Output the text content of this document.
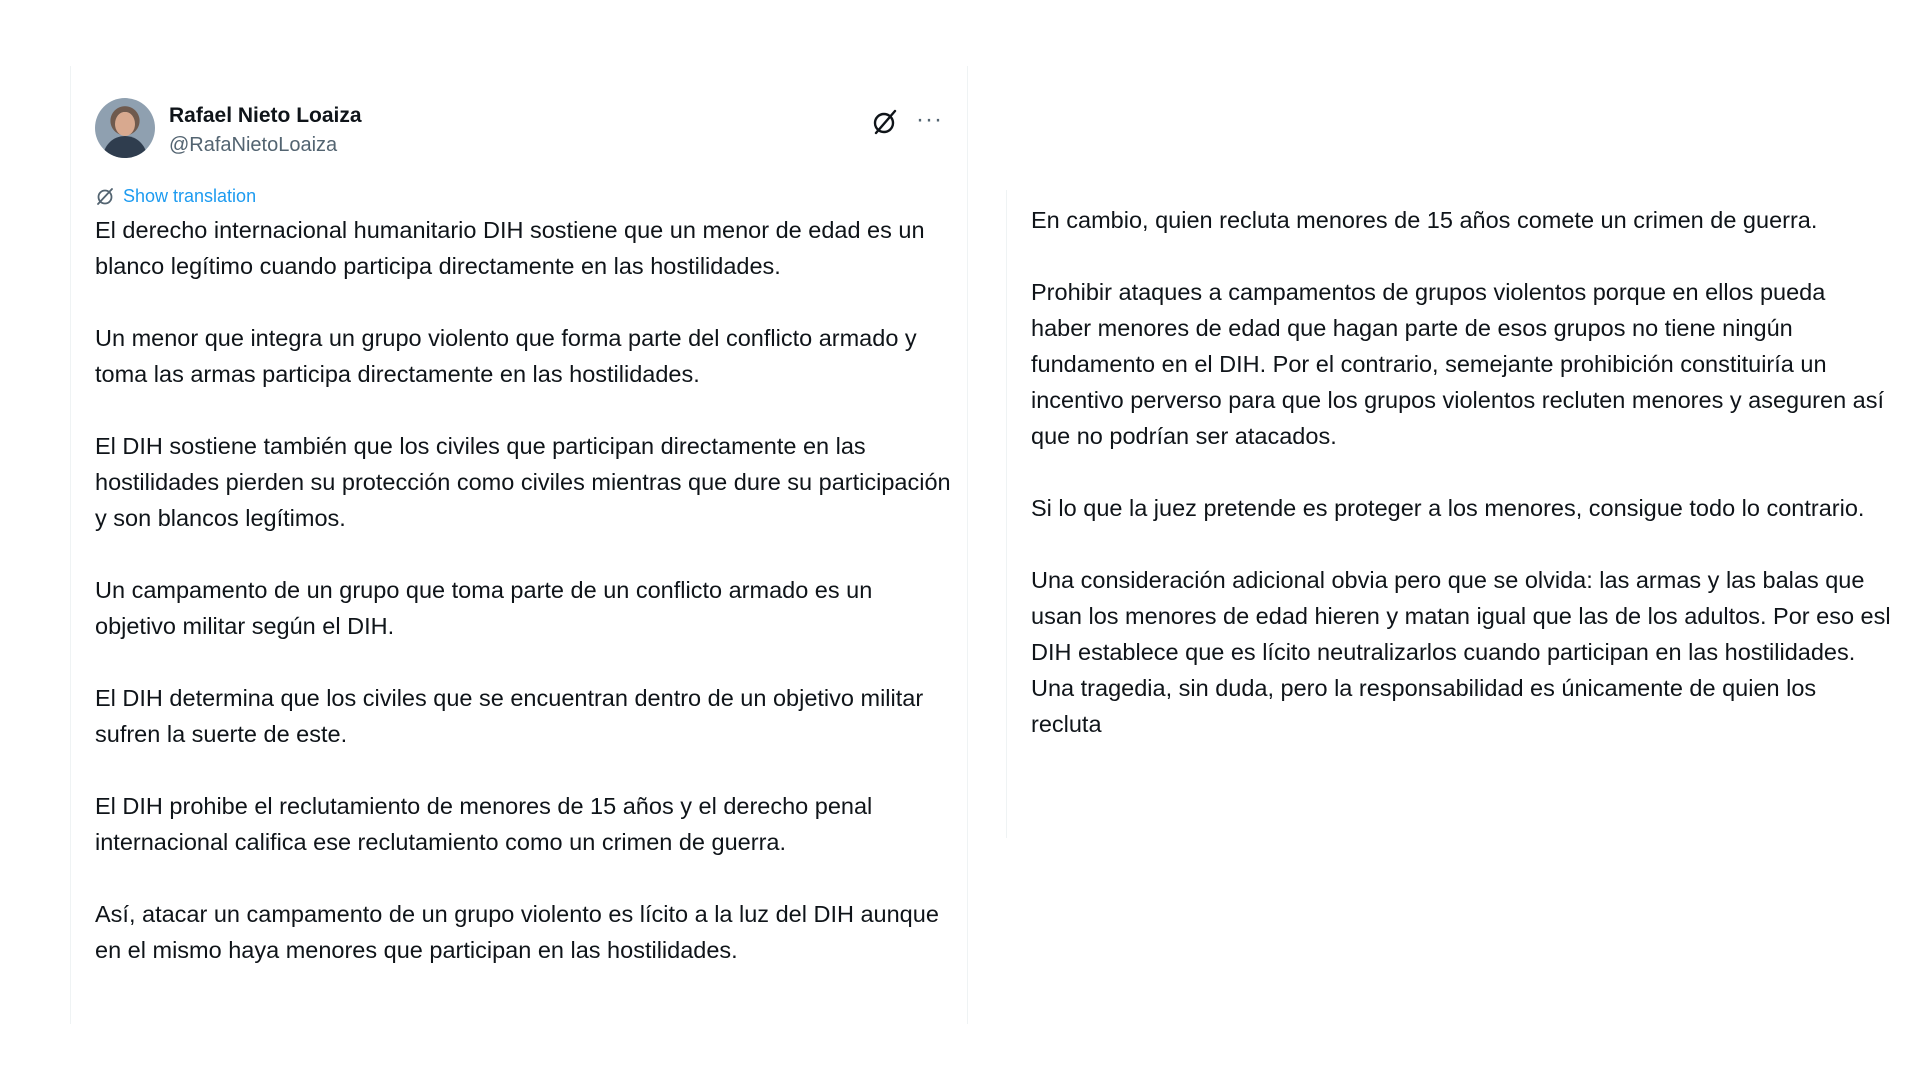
Rafael Nieto Loaiza
@RafaNietoLoaiza
···
Show translation

El derecho internacional humanitario DIH sostiene que un menor de edad es un blanco legítimo cuando participa directamente en las hostilidades.

Un menor que integra un grupo violento que forma parte del conflicto armado y toma las armas participa directamente en las hostilidades.

El DIH sostiene también que los civiles que participan directamente en las hostilidades pierden su protección como civiles mientras que dure su participación y son blancos legítimos.

Un campamento de un grupo que toma parte de un conflicto armado es un objetivo militar según el DIH.

El DIH determina que los civiles que se encuentran dentro de un objetivo militar sufren la suerte de este.

El DIH prohibe el reclutamiento de menores de 15 años y el derecho penal internacional califica ese reclutamiento como un crimen de guerra.

Así, atacar un campamento de un grupo violento es lícito a la luz del DIH aunque en el mismo haya menores que participan en las hostilidades.

En cambio, quien recluta menores de 15 años comete un crimen de guerra.

Prohibir ataques a campamentos de grupos violentos porque en ellos pueda haber menores de edad que hagan parte de esos grupos no tiene ningún fundamento en el DIH. Por el contrario, semejante prohibición constituiría un incentivo perverso para que los grupos violentos recluten menores y aseguren así que no podrían ser atacados.

Si lo que la juez pretende es proteger a los menores, consigue todo lo contrario.

Una consideración adicional obvia pero que se olvida: las armas y las balas que usan los menores de edad hieren y matan igual que las de los adultos. Por eso esl DIH establece que es lícito neutralizarlos cuando participan en las hostilidades. Una tragedia, sin duda, pero la responsabilidad es únicamente de quien los recluta
